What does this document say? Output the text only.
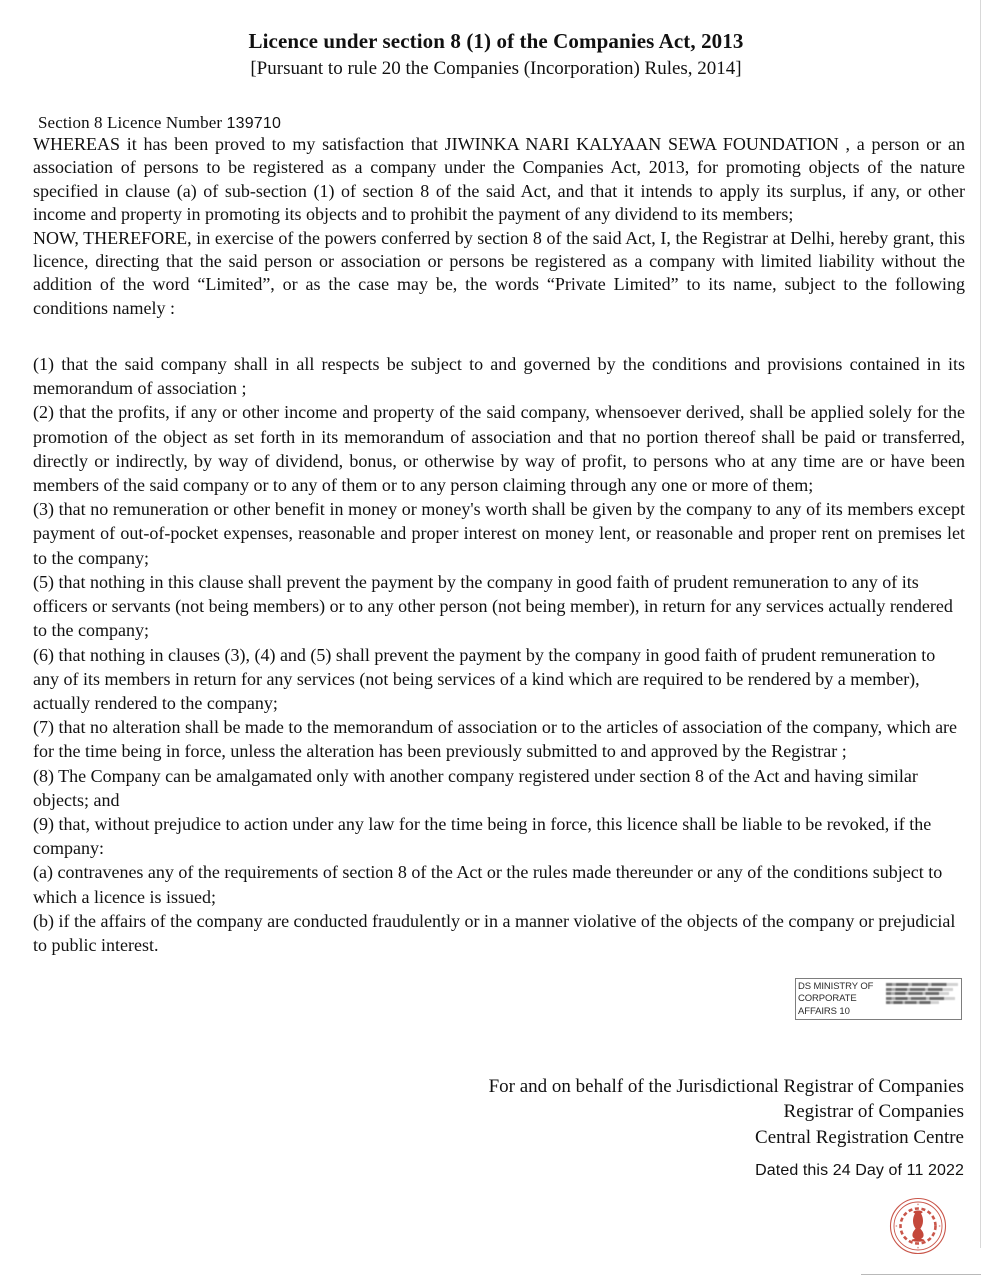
Licence under section 8 (1) of the Companies Act, 2013
[Pursuant to rule 20 the Companies (Incorporation) Rules, 2014]
Section 8 Licence Number 139710

WHEREAS it has been proved to my satisfaction that JIWINKA NARI KALYAAN SEWA FOUNDATION , a person or an association of persons to be registered as a company under the Companies Act, 2013, for promoting objects of the nature specified in clause (a) of sub-section (1) of section 8 of the said Act, and that it intends to apply its surplus, if any, or other income and property in promoting its objects and to prohibit the payment of any dividend to its members;

NOW, THEREFORE, in exercise of the powers conferred by section 8 of the said Act, I, the Registrar at Delhi, hereby grant, this licence, directing that the said person or association or persons be registered as a company with limited liability without the addition of the word “Limited”, or as the case may be, the words “Private Limited” to its name, subject to the following conditions namely :

(1) that the said company shall in all respects be subject to and governed by the conditions and provisions contained in its memorandum of association ;

(2) that the profits, if any or other income and property of the said company, whensoever derived, shall be applied solely for the promotion of the object as set forth in its memorandum of association and that no portion thereof shall be paid or transferred, directly or indirectly, by way of dividend, bonus, or otherwise by way of profit, to persons who at any time are or have been members of the said company or to any of them or to any person claiming through any one or more of them;

(3) that no remuneration or other benefit in money or money's worth shall be given by the company to any of its members except payment of out-of-pocket expenses, reasonable and proper interest on money lent, or reasonable and proper rent on premises let to the company;

(5) that nothing in this clause shall prevent the payment by the company in good faith of prudent remuneration to any of its officers or servants (not being members) or to any other person (not being member), in return for any services actually rendered to the company;

(6) that nothing in clauses (3), (4) and (5) shall prevent the payment by the company in good faith of prudent remuneration to any of its members in return for any services (not being services of a kind which are required to be rendered by a member), actually rendered to the company;

(7) that no alteration shall be made to the memorandum of association or to the articles of association of the company, which are for the time being in force, unless the alteration has been previously submitted to and approved by the Registrar ;

(8) The Company can be amalgamated only with another company registered under section 8 of the Act and having similar objects; and

(9) that, without prejudice to action under any law for the time being in force, this licence shall be liable to be revoked, if the company:

(a) contravenes any of the requirements of section 8 of the Act or the rules made thereunder or any of the conditions subject to which a licence is issued;

(b) if the affairs of the company are conducted fraudulently or in a manner violative of the objects of the company or prejudicial to public interest.

DS MINISTRY OF
CORPORATE
AFFAIRS 10
For and on behalf of the Jurisdictional Registrar of Companies
Registrar of Companies
Central Registration Centre
Dated this 24 Day of 11 2022
